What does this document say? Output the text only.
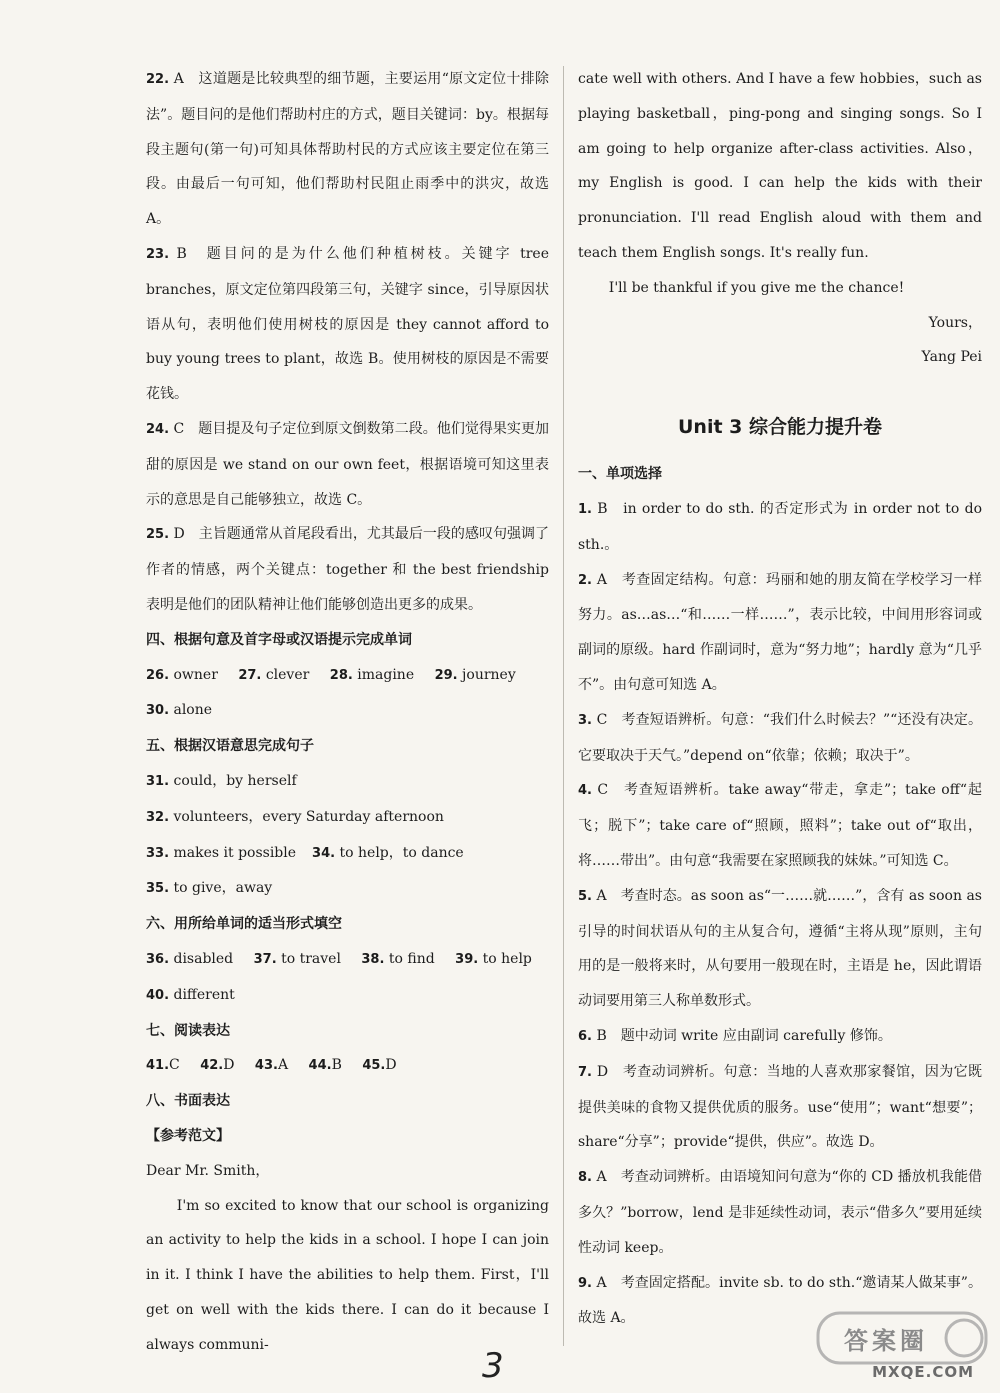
22. A　这道题是比较典型的细节题，主要运用“原文定位十排除法”。题目问的是他们帮助村庄的方式，题目关键词：by。根据每段主题句(第一句)可知具体帮助村民的方式应该主要定位在第三段。由最后一句可知，他们帮助村民阻止雨季中的洪灾，故选 A。

23. B　题目问的是为什么他们种植树枝。关键字 tree branches，原文定位第四段第三句，关键字 since，引导原因状语从句，表明他们使用树枝的原因是 they cannot afford to buy young trees to plant，故选 B。使用树枝的原因是不需要花钱。

24. C　题目提及句子定位到原文倒数第二段。他们觉得果实更加甜的原因是 we stand on our own feet，根据语境可知这里表示的意思是自己能够独立，故选 C。

25. D　主旨题通常从首尾段看出，尤其最后一段的感叹句强调了作者的情感，两个关键点：together 和 the best friendship 表明是他们的团队精神让他们能够创造出更多的成果。

四、根据句意及首字母或汉语提示完成单词

26. owner 27. clever 28. imagine 29. journey

30. alone

五、根据汉语意思完成句子

31. could，by herself

32. volunteers，every Saturday afternoon

33. makes it possible 34. to help，to dance

35. to give，away

六、用所给单词的适当形式填空

36. disabled 37. to travel 38. to find 39. to help

40. different

七、阅读表达

41.C 42.D 43.A 44.B 45.D

八、书面表达

【参考范文】

Dear Mr. Smith，

I'm so excited to know that our school is organizing an activity to help the kids in a school. I hope I can join in it. I think I have the abilities to help them. First，I'll get on well with the kids there. I can do it because I always communi-

cate well with others. And I have a few hobbies，such as playing basketball，ping-pong and singing songs. So I am going to help organize after-class activities. Also，my English is good. I can help the kids with their pronunciation. I'll read English aloud with them and teach them English songs. It's really fun.

I'll be thankful if you give me the chance!

Yours，

Yang Pei

Unit 3 综合能力提升卷

一、单项选择

1. B　in order to do sth. 的否定形式为 in order not to do sth.。

2. A　考查固定结构。句意：玛丽和她的朋友简在学校学习一样努力。as…as…“和……一样……”，表示比较，中间用形容词或副词的原级。hard 作副词时，意为“努力地”；hardly 意为“几乎不”。由句意可知选 A。

3. C　考查短语辨析。句意：“我们什么时候去？”“还没有决定。它要取决于天气。”depend on“依靠；依赖；取决于”。

4. C　考查短语辨析。take away“带走，拿走”；take off“起飞；脱下”；take care of“照顾，照料”；take out of“取出，将……带出”。由句意“我需要在家照顾我的妹妹。”可知选 C。

5. A　考查时态。as soon as“一……就……”，含有 as soon as 引导的时间状语从句的主从复合句，遵循“主将从现”原则，主句用的是一般将来时，从句要用一般现在时，主语是 he，因此谓语动词要用第三人称单数形式。

6. B　题中动词 write 应由副词 carefully 修饰。

7. D　考查动词辨析。句意：当地的人喜欢那家餐馆，因为它既提供美味的食物又提供优质的服务。use“使用”；want“想要”；share“分享”；provide“提供，供应”。故选 D。

8. A　考查动词辨析。由语境知问句意为“你的 CD 播放机我能借多久？”borrow，lend 是非延续性动词，表示“借多久”要用延续性动词 keep。

9. A　考查固定搭配。invite sb. to do sth.“邀请某人做某事”。故选 A。

3
答案圈
MXQE.COM
